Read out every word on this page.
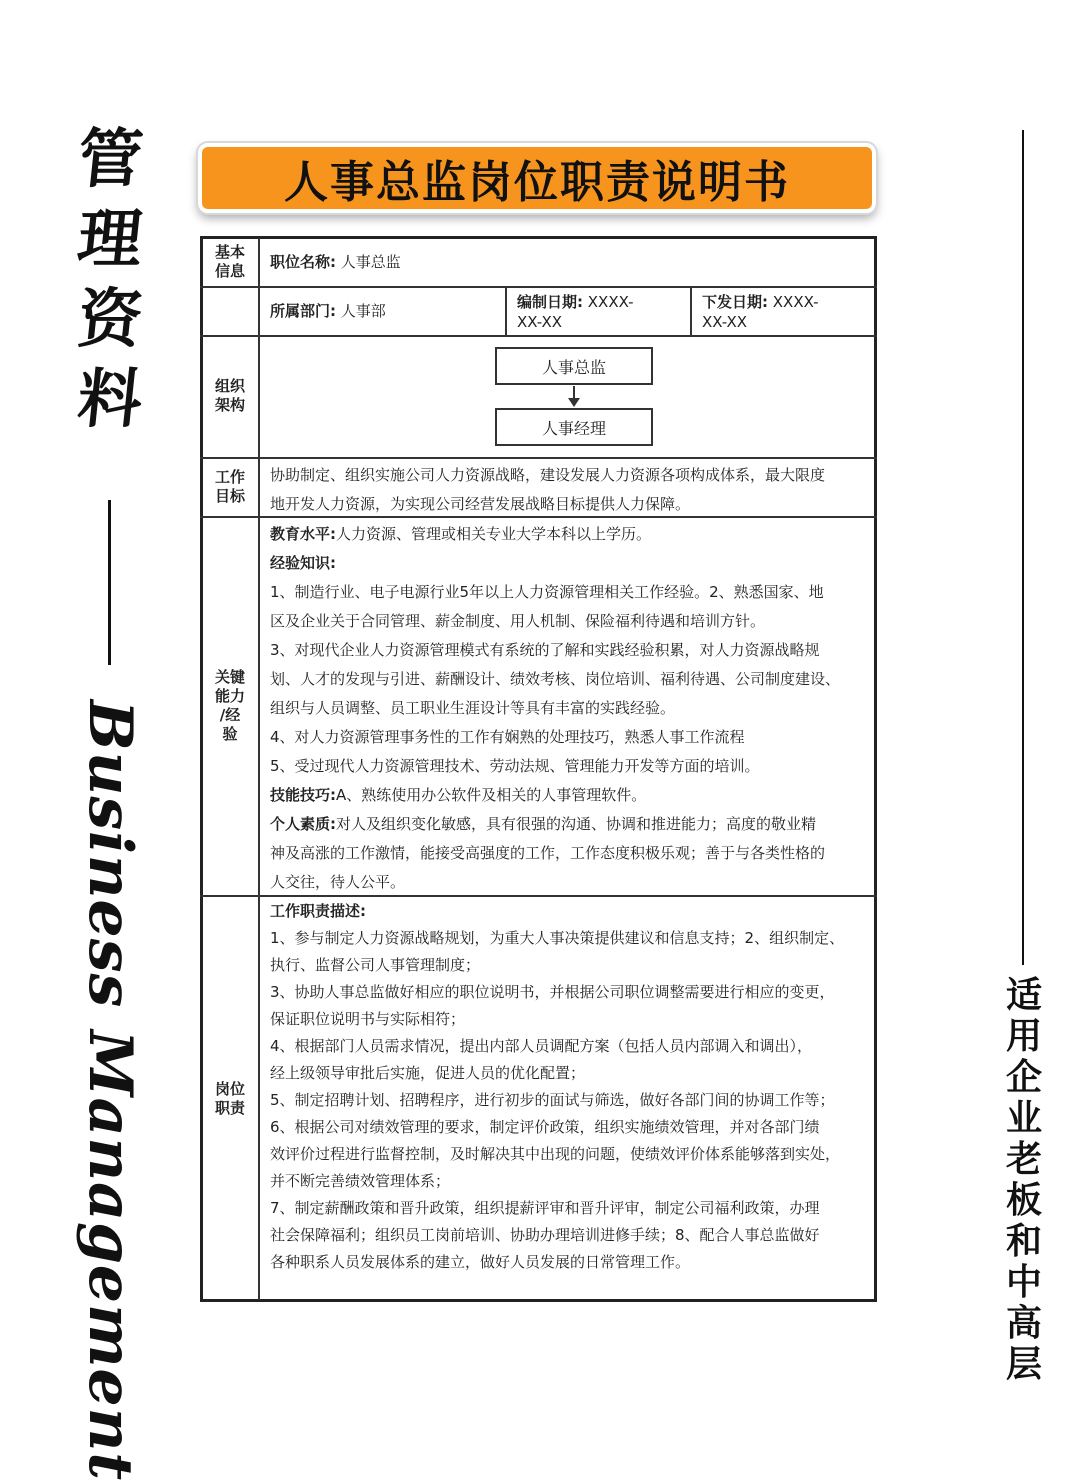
管
理
资
料
Business Management	适
用
企
业
老
板
和
中
高
层
人事总监岗位职责说明书
基本
信息
组织
架构
工作
目标
关键
能力
/经
验
岗位
职责
职位名称: 人事总监
所属部门: 人事部	编制日期: XXXX-
XX-XX
下发日期: XXXX-
XX-XX
人事总监
人事经理

协助制定、组织实施公司人力资源战略，建设发展人力资源各项构成体系，最大限度

地开发人力资源，为实现公司经营发展战略目标提供人力保障。

教育水平:人力资源、管理或相关专业大学本科以上学历。

经验知识:

1、制造行业、电子电源行业5年以上人力资源管理相关工作经验。2、熟悉国家、地

区及企业关于合同管理、薪金制度、用人机制、保险福利待遇和培训方针。

3、对现代企业人力资源管理模式有系统的了解和实践经验积累，对人力资源战略规

划、人才的发现与引进、薪酬设计、绩效考核、岗位培训、福利待遇、公司制度建设、

组织与人员调整、员工职业生涯设计等具有丰富的实践经验。

4、对人力资源管理事务性的工作有娴熟的处理技巧，熟悉人事工作流程

5、受过现代人力资源管理技术、劳动法规、管理能力开发等方面的培训。

技能技巧:A、熟练使用办公软件及相关的人事管理软件。

个人素质:对人及组织变化敏感，具有很强的沟通、协调和推进能力；高度的敬业精

神及高涨的工作激情，能接受高强度的工作，工作态度积极乐观；善于与各类性格的

人交往，待人公平。

工作职责描述:

1、参与制定人力资源战略规划，为重大人事决策提供建议和信息支持；2、组织制定、

执行、监督公司人事管理制度；

3、协助人事总监做好相应的职位说明书，并根据公司职位调整需要进行相应的变更，

保证职位说明书与实际相符；

4、根据部门人员需求情况，提出内部人员调配方案（包括人员内部调入和调出），

经上级领导审批后实施，促进人员的优化配置；

5、制定招聘计划、招聘程序，进行初步的面试与筛选，做好各部门间的协调工作等；

6、根据公司对绩效管理的要求，制定评价政策，组织实施绩效管理，并对各部门绩

效评价过程进行监督控制，及时解决其中出现的问题，使绩效评价体系能够落到实处，

并不断完善绩效管理体系；

7、制定薪酬政策和晋升政策，组织提薪评审和晋升评审，制定公司福利政策，办理

社会保障福利；组织员工岗前培训、协助办理培训进修手续；8、配合人事总监做好

各种职系人员发展体系的建立，做好人员发展的日常管理工作。
